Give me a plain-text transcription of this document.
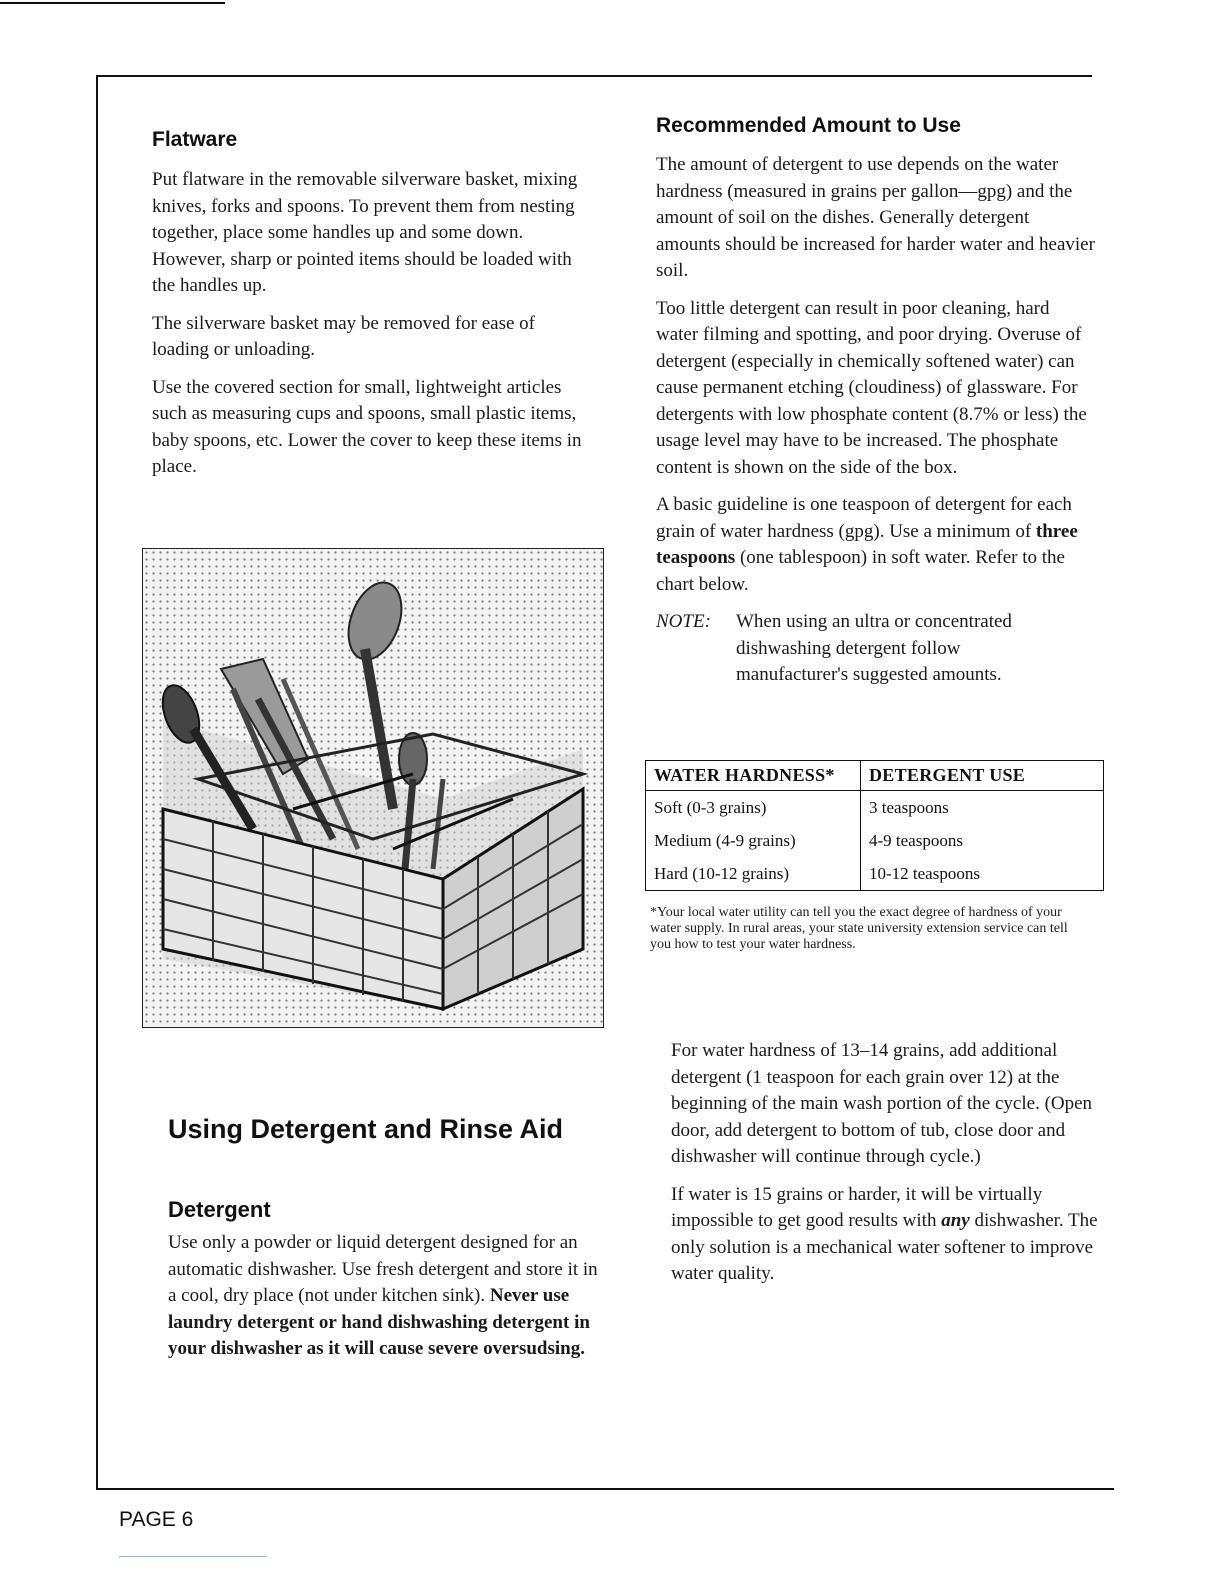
Flatware

Put flatware in the removable silverware basket, mixing knives, forks and spoons. To prevent them from nesting together, place some handles up and some down. However, sharp or pointed items should be loaded with the handles up.

The silverware basket may be removed for ease of loading or unloading.

Use the covered section for small, lightweight articles such as measuring cups and spoons, small plastic items, baby spoons, etc. Lower the cover to keep these items in place.

Using Detergent and Rinse Aid
Detergent

Use only a powder or liquid detergent designed for an automatic dishwasher. Use fresh detergent and store it in a cool, dry place (not under kitchen sink). Never use laundry detergent or hand dishwashing detergent in your dishwasher as it will cause severe oversudsing.

Recommended Amount to Use

The amount of detergent to use depends on the water hardness (measured in grains per gallon—gpg) and the amount of soil on the dishes. Generally detergent amounts should be increased for harder water and heavier soil.

Too little detergent can result in poor cleaning, hard water filming and spotting, and poor drying. Overuse of detergent (especially in chemically softened water) can cause permanent etching (cloudiness) of glassware. For detergents with low phosphate content (8.7% or less) the usage level may have to be increased. The phosphate content is shown on the side of the box.

A basic guideline is one teaspoon of detergent for each grain of water hardness (gpg). Use a minimum of three teaspoons (one tablespoon) in soft water. Refer to the chart below.

NOTE:	When using an ultra or concentrated dishwashing detergent follow manufacturer's suggested amounts.
WATER HARDNESS*	DETERGENT USE
Soft (0-3 grains)	3 teaspoons
Medium (4-9 grains)	4-9 teaspoons
Hard (10-12 grains)	10-12 teaspoons

*Your local water utility can tell you the exact degree of hardness of your water supply. In rural areas, your state university extension service can tell you how to test your water hardness.

For water hardness of 13–14 grains, add additional detergent (1 teaspoon for each grain over 12) at the beginning of the main wash portion of the cycle. (Open door, add detergent to bottom of tub, close door and dishwasher will continue through cycle.)

If water is 15 grains or harder, it will be virtually impossible to get good results with any dishwasher. The only solution is a mechanical water softener to improve water quality.

PAGE 6
